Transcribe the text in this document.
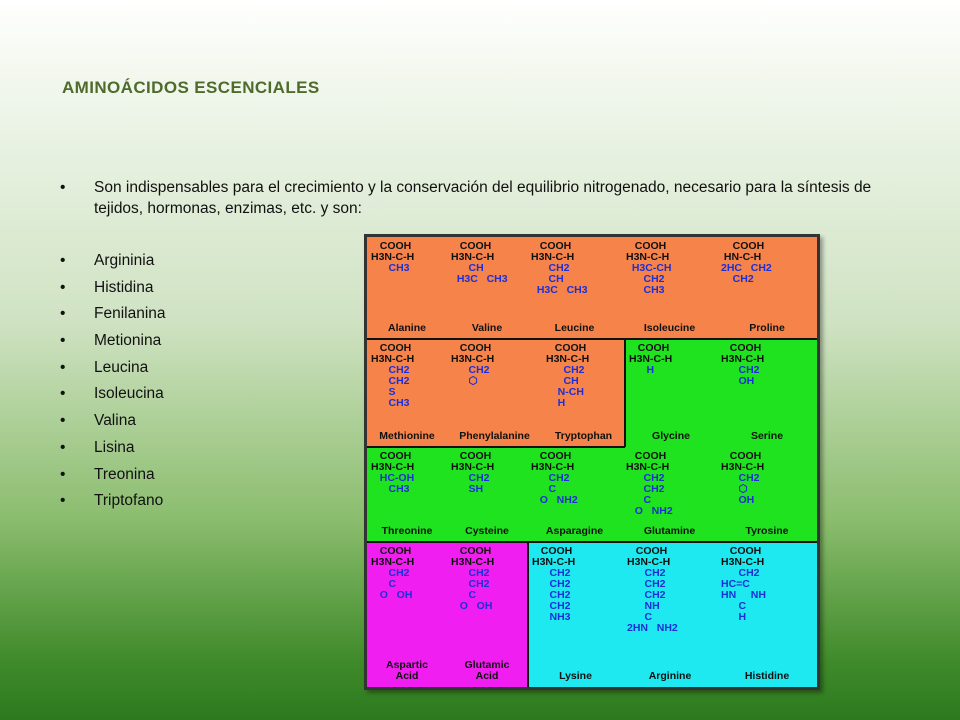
AMINOÁCIDOS ESCENCIALES
• Son indispensables para el crecimiento y la conservación del equilibrio nitrogenado, necesario para la síntesis de tejidos, hormonas, enzimas, etc. y son:
• Argininia
• Histidina
• Fenilanina
• Metionina
• Leucina
• Isoleucina
• Valina
• Lisina
• Treonina
• Triptofano
COOH
H3N-C-H
CH3
Alanine
COOH
H3N-C-H
CH
H3C   CH3
Valine
COOH
H3N-C-H
CH2
CH
H3C   CH3
Leucine
COOH
H3N-C-H
H3C-CH
CH2
CH3
Isoleucine
COOH
HN-C-H
2HC   CH2
CH2
Proline
COOH
H3N-C-H
CH2
CH2
S
CH3
Methionine
COOH
H3N-C-H
CH2
⬡
Phenylalanine
COOH
H3N-C-H
CH2
CH
N-CH
H
Tryptophan
COOH
H3N-C-H
H
Glycine
COOH
H3N-C-H
CH2
OH
Serine
COOH
H3N-C-H
HC-OH
CH3
Threonine
COOH
H3N-C-H
CH2
SH
Cysteine
COOH
H3N-C-H
CH2
C
O   NH2
Asparagine
COOH
H3N-C-H
CH2
CH2
C
O   NH2
Glutamine
COOH
H3N-C-H
CH2
⬡
OH
Tyrosine
COOH
H3N-C-H
CH2
C
O   OH
Aspartic
Acid
COOH
H3N-C-H
CH2
CH2
C
O   OH
Glutamic
Acid
COOH
H3N-C-H
CH2
CH2
CH2
CH2
NH3
Lysine
COOH
H3N-C-H
CH2
CH2
CH2
NH
C
2HN   NH2
Arginine
COOH
H3N-C-H
CH2
HC=C
HN     NH
C
H
Histidine
